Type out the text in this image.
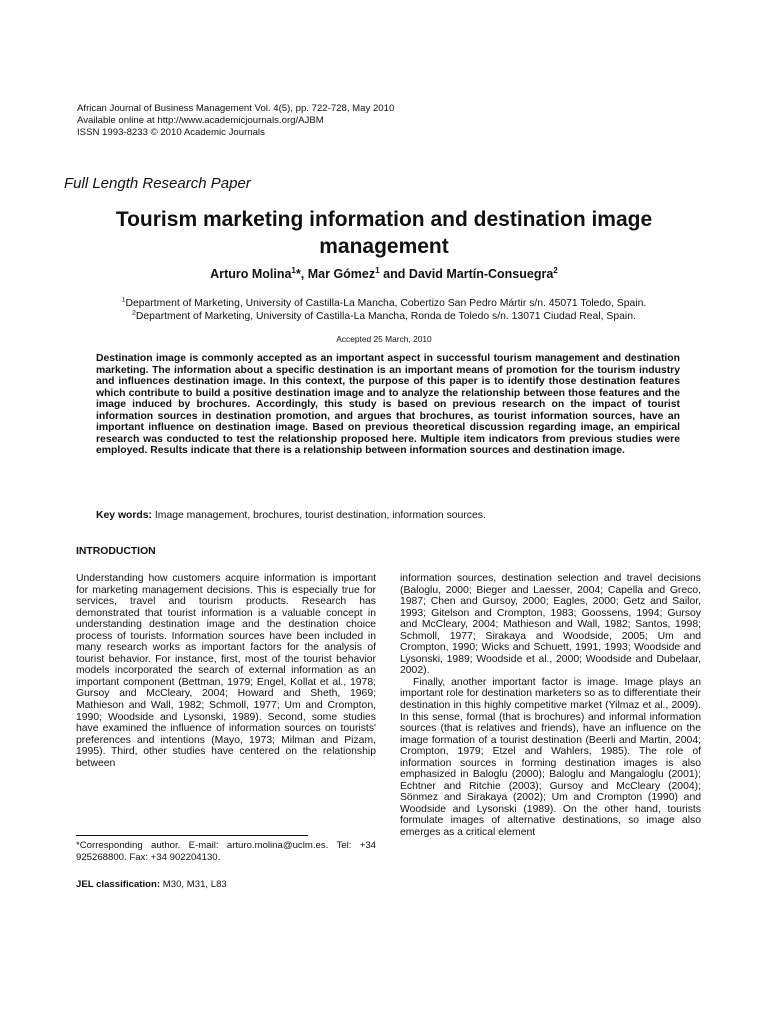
African Journal of Business Management Vol. 4(5), pp. 722-728, May 2010
Available online at http://www.academicjournals.org/AJBM
ISSN 1993-8233 © 2010 Academic Journals
Full Length Research Paper
Tourism marketing information and destination image
management
Arturo Molina$^1$*, Mar Gómez$^1$ and David Martín-Consuegra$^2$
$^1$Department of Marketing, University of Castilla-La Mancha, Cobertizo San Pedro Mártir s/n. 45071 Toledo, Spain.
$^2$Department of Marketing, University of Castilla-La Mancha, Ronda de Toledo s/n. 13071 Ciudad Real, Spain.
Accepted 25 March, 2010

Destination image is commonly accepted as an important aspect in successful tourism management and destination marketing. The information about a specific destination is an important means of promotion for the tourism industry and influences destination image. In this context, the purpose of this paper is to identify those destination features which contribute to build a positive destination image and to analyze the relationship between those features and the image induced by brochures. Accordingly, this study is based on previous research on the impact of tourist information sources in destination promotion, and argues that brochures, as tourist information sources, have an important influence on destination image. Based on previous theoretical discussion regarding image, an empirical research was conducted to test the relationship proposed here. Multiple item indicators from previous studies were employed. Results indicate that there is a relationship between information sources and destination image.

Key words: Image management, brochures, tourist destination, information sources.
INTRODUCTION

Understanding how customers acquire information is important for marketing management decisions. This is especially true for services, travel and tourism products. Research has demonstrated that tourist information is a valuable concept in understanding destination image and the destination choice process of tourists. Information sources have been included in many research works as important factors for the analysis of tourist behavior. For instance, first, most of the tourist behavior models incorporated the search of external information as an important component (Bettman, 1979; Engel, Kollat et al., 1978; Gursoy and McCleary, 2004; Howard and Sheth, 1969; Mathieson and Wall, 1982; Schmoll, 1977; Um and Crompton, 1990; Woodside and Lysonski, 1989). Second, some studies have examined the influence of information sources on tourists' preferences and intentions (Mayo, 1973; Milman and Pizam, 1995). Third, other studies have centered on the relationship between

information sources, destination selection and travel decisions (Baloglu, 2000; Bieger and Laesser, 2004; Capella and Greco, 1987; Chen and Gursoy, 2000; Eagles, 2000; Getz and Sailor, 1993; Gitelson and Crompton, 1983; Goossens, 1994; Gursoy and McCleary, 2004; Mathieson and Wall, 1982; Santos, 1998; Schmoll, 1977; Sirakaya and Woodside, 2005; Um and Crompton, 1990; Wicks and Schuett, 1991, 1993; Woodside and Lysonski, 1989; Woodside et al., 2000; Woodside and Dubelaar, 2002).

Finally, another important factor is image. Image plays an important role for destination marketers so as to differentiate their destination in this highly competitive market (Yilmaz et al., 2009). In this sense, formal (that is brochures) and informal information sources (that is relatives and friends), have an influence on the image formation of a tourist destination (Beerli and Martin, 2004; Crompton, 1979; Etzel and Wahlers, 1985). The role of information sources in forming destination images is also emphasized in Baloglu (2000); Baloglu and Mangaloglu (2001); Echtner and Ritchie (2003); Gursoy and McCleary (2004); Sönmez and Sirakaya (2002); Um and Crompton (1990) and Woodside and Lysonski (1989). On the other hand, tourists formulate images of alternative destinations, so image also emerges as a critical element

*Corresponding author. E-mail: arturo.molina@uclm.es. Tel: +34 925268800. Fax: +34 902204130.
JEL classification: M30, M31, L83
